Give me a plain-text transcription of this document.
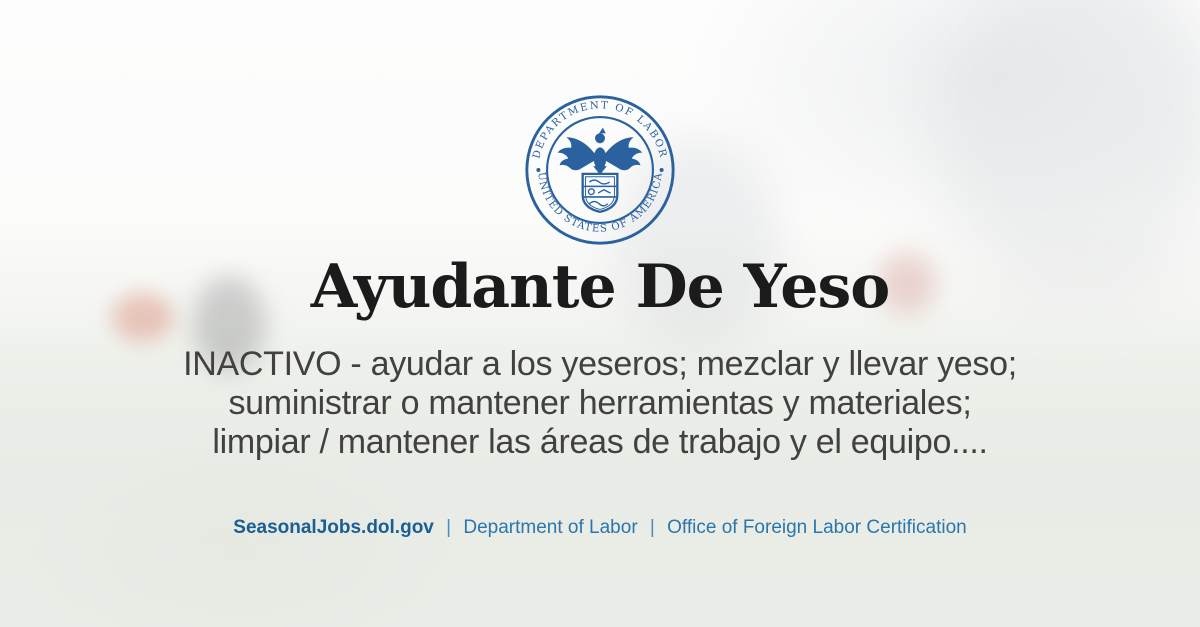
DEPARTMENT OF LABOR
UNITED STATES OF AMERICA
Ayudante De Yeso
INACTIVO - ayudar a los yeseros; mezclar y llevar yeso;
suministrar o mantener herramientas y materiales;
limpiar / mantener las áreas de trabajo y el equipo....
SeasonalJobs.dol.gov | Department of Labor | Office of Foreign Labor Certification
